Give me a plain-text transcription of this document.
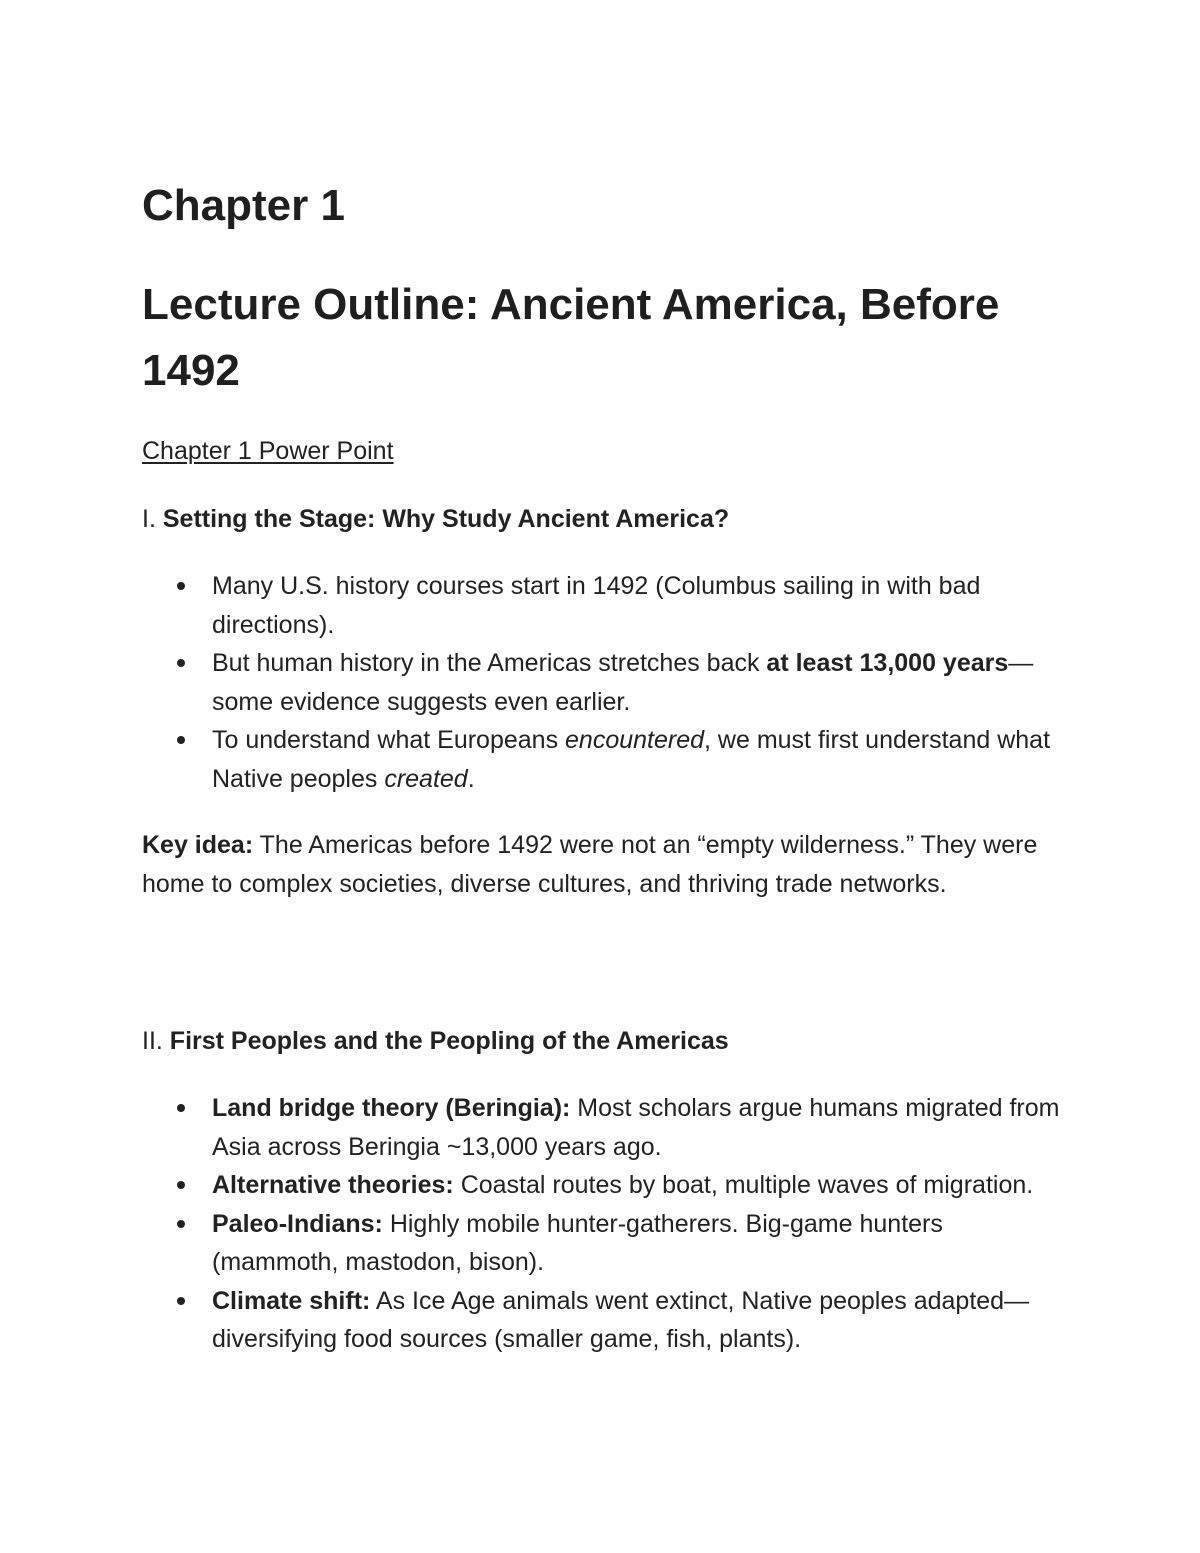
Chapter 1
Lecture Outline: Ancient America, Before 1492
Chapter 1 Power Point
I. Setting the Stage: Why Study Ancient America?
Many U.S. history courses start in 1492 (Columbus sailing in with bad directions).
But human history in the Americas stretches back at least 13,000 years—some evidence suggests even earlier.
To understand what Europeans encountered, we must first understand what Native peoples created.

Key idea: The Americas before 1492 were not an “empty wilderness.” They were home to complex societies, diverse cultures, and thriving trade networks.

II. First Peoples and the Peopling of the Americas
Land bridge theory (Beringia): Most scholars argue humans migrated from Asia across Beringia ~13,000 years ago.
Alternative theories: Coastal routes by boat, multiple waves of migration.
Paleo-Indians: Highly mobile hunter-gatherers. Big-game hunters (mammoth, mastodon, bison).
Climate shift: As Ice Age animals went extinct, Native peoples adapted—diversifying food sources (smaller game, fish, plants).
